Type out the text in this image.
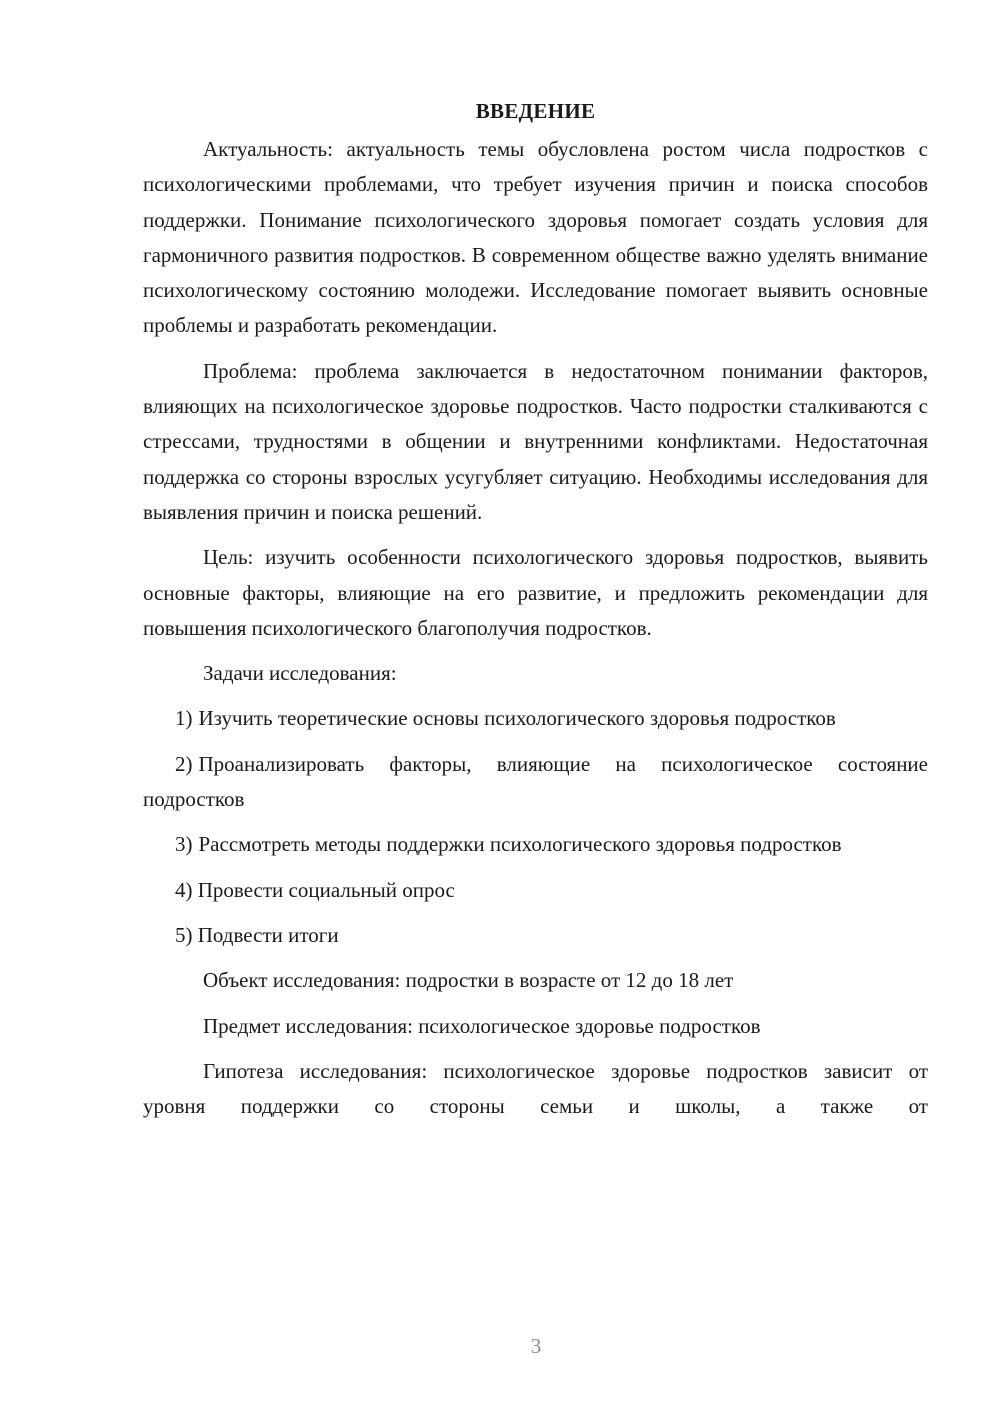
ВВЕДЕНИЕ

Актуальность: актуальность темы обусловлена ростом числа подростков с психологическими проблемами, что требует изучения причин и поиска способов поддержки. Понимание психологического здоровья помогает создать условия для гармоничного развития подростков. В современном обществе важно уделять внимание психологическому состоянию молодежи. Исследование помогает выявить основные проблемы и разработать рекомендации.

Проблема: проблема заключается в недостаточном понимании факторов, влияющих на психологическое здоровье подростков. Часто подростки сталкиваются с стрессами, трудностями в общении и внутренними конфликтами. Недостаточная поддержка со стороны взрослых усугубляет ситуацию. Необходимы исследования для выявления причин и поиска решений.

Цель: изучить особенности психологического здоровья подростков, выявить основные факторы, влияющие на его развитие, и предложить рекомендации для повышения психологического благополучия подростков.

Задачи исследования:

1) Изучить теоретические основы психологического здоровья подростков

2) Проанализировать факторы, влияющие на психологическое состояние подростков

3) Рассмотреть методы поддержки психологического здоровья подростков

4) Провести социальный опрос

5) Подвести итоги

Объект исследования: подростки в возрасте от 12 до 18 лет

Предмет исследования: психологическое здоровье подростков

Гипотеза исследования: психологическое здоровье подростков зависит от уровня поддержки со стороны семьи и школы, а также от

3
